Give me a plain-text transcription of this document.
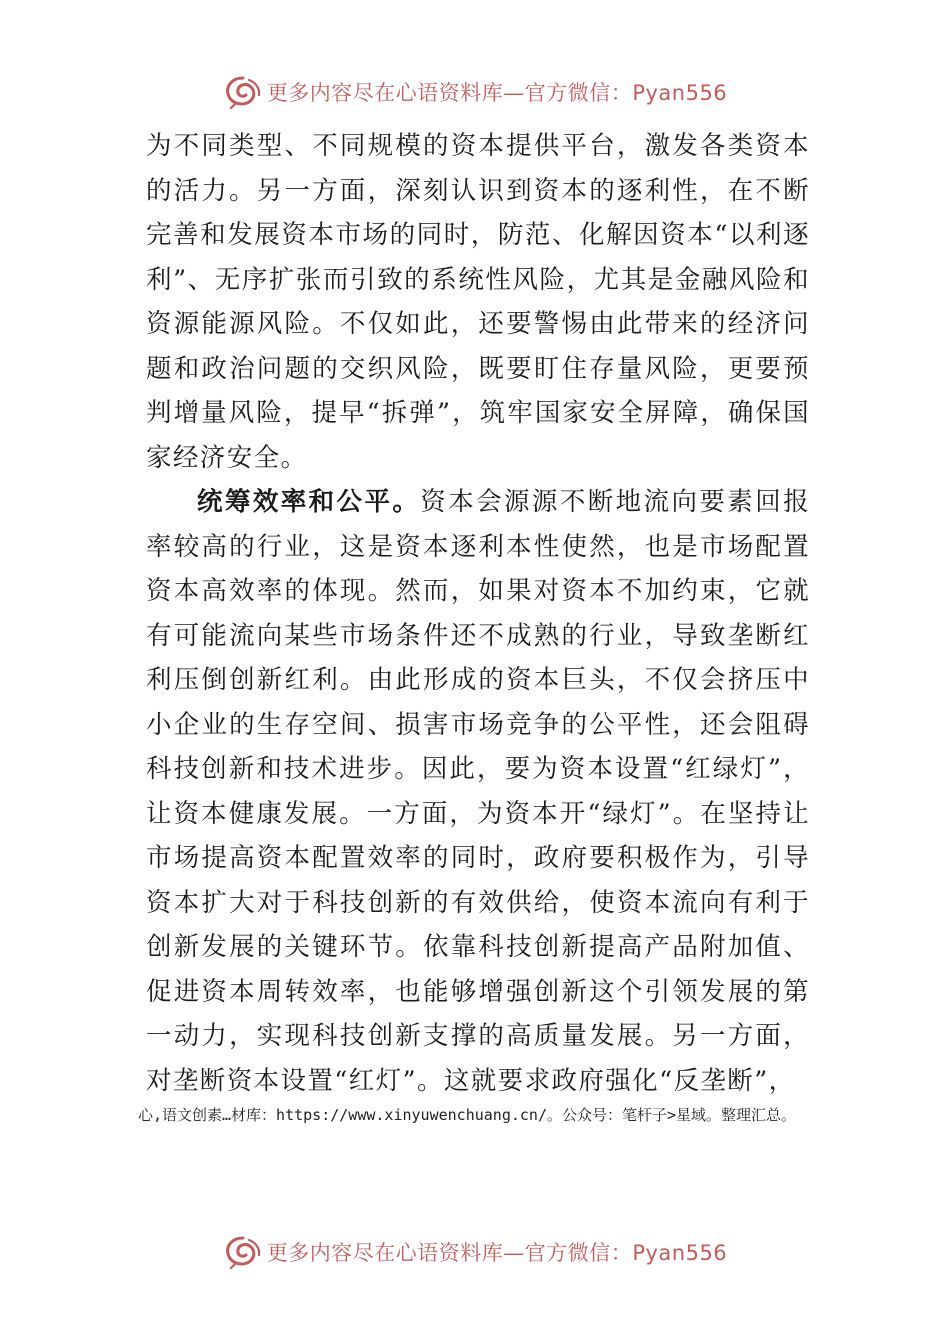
更多内容尽在心语资料库—官方微信：Pyan556

为不同类型、不同规模的资本提供平台，激发各类资本的活力。另一方面，深刻认识到资本的逐利性，在不断完善和发展资本市场的同时，防范、化解因资本“以利逐利”、无序扩张而引致的系统性风险，尤其是金融风险和资源能源风险。不仅如此，还要警惕由此带来的经济问题和政治问题的交织风险，既要盯住存量风险，更要预判增量风险，提早“拆弹”，筑牢国家安全屏障，确保国家经济安全。

统筹效率和公平。资本会源源不断地流向要素回报率较高的行业，这是资本逐利本性使然，也是市场配置资本高效率的体现。然而，如果对资本不加约束，它就有可能流向某些市场条件还不成熟的行业，导致垄断红利压倒创新红利。由此形成的资本巨头，不仅会挤压中小企业的生存空间、损害市场竞争的公平性，还会阻碍科技创新和技术进步。因此，要为资本设置“红绿灯”，让资本健康发展。一方面，为资本开“绿灯”。在坚持让市场提高资本配置效率的同时，政府要积极作为，引导资本扩大对于科技创新的有效供给，使资本流向有利于创新发展的关键环节。依靠科技创新提高产品附加值、促进资本周转效率，也能够增强创新这个引领发展的第一动力，实现科技创新支撑的高质量发展。另一方面，对垄断资本设置“红灯”。这就要求政府强化“反垄断”，

心,语文创素…材库：https://www.xinyuwenchuang.cn/。公众号：笔杆子>星域。整理汇总。
更多内容尽在心语资料库—官方微信：Pyan556
